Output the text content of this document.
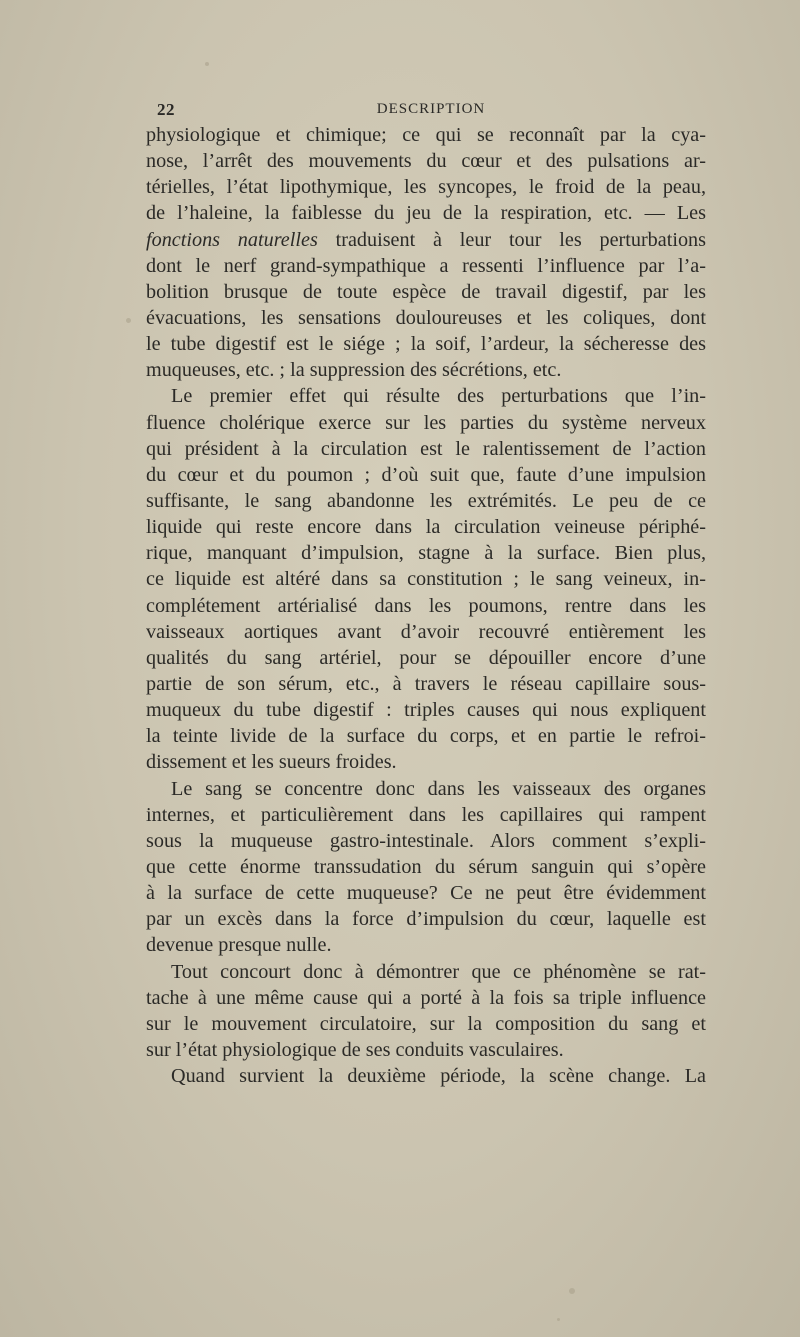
22	DESCRIPTION
physiologique et chimique; ce qui se reconnaît par la cya-
nose, l’arrêt des mouvements du cœur et des pulsations ar-
térielles, l’état lipothymique, les syncopes, le froid de la peau,
de l’haleine, la faiblesse du jeu de la respiration, etc. — Les
fonctions naturelles traduisent à leur tour les perturbations
dont le nerf grand-sympathique a ressenti l’influence par l’a-
bolition brusque de toute espèce de travail digestif, par les
évacuations, les sensations douloureuses et les coliques, dont
le tube digestif est le siége ; la soif, l’ardeur, la sécheresse des
muqueuses, etc. ; la suppression des sécrétions, etc.
Le premier effet qui résulte des perturbations que l’in-
fluence cholérique exerce sur les parties du système nerveux
qui président à la circulation est le ralentissement de l’action
du cœur et du poumon ; d’où suit que, faute d’une impulsion
suffisante, le sang abandonne les extrémités. Le peu de ce
liquide qui reste encore dans la circulation veineuse périphé-
rique, manquant d’impulsion, stagne à la surface. Bien plus,
ce liquide est altéré dans sa constitution ; le sang veineux, in-
complétement artérialisé dans les poumons, rentre dans les
vaisseaux aortiques avant d’avoir recouvré entièrement les
qualités du sang artériel, pour se dépouiller encore d’une
partie de son sérum, etc., à travers le réseau capillaire sous-
muqueux du tube digestif : triples causes qui nous expliquent
la teinte livide de la surface du corps, et en partie le refroi-
dissement et les sueurs froides.
Le sang se concentre donc dans les vaisseaux des organes
internes, et particulièrement dans les capillaires qui rampent
sous la muqueuse gastro-intestinale. Alors comment s’expli-
que cette énorme transsudation du sérum sanguin qui s’opère
à la surface de cette muqueuse? Ce ne peut être évidemment
par un excès dans la force d’impulsion du cœur, laquelle est
devenue presque nulle.
Tout concourt donc à démontrer que ce phénomène se rat-
tache à une même cause qui a porté à la fois sa triple influence
sur le mouvement circulatoire, sur la composition du sang et
sur l’état physiologique de ses conduits vasculaires.
Quand survient la deuxième période, la scène change. La
